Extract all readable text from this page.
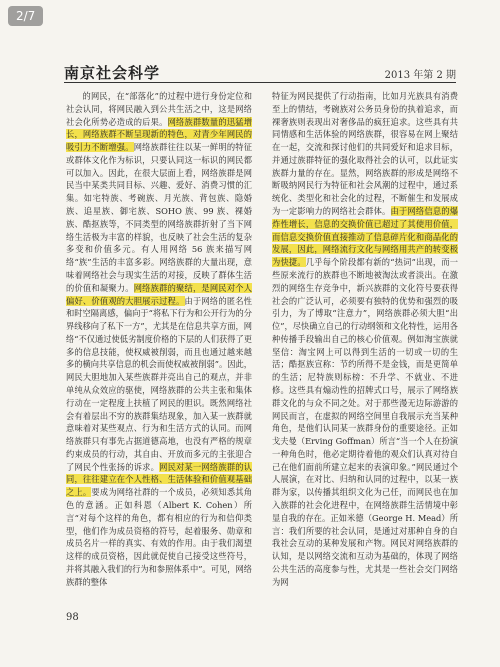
2/7
南京社会科学	2013 年第 2 期

的网民，在“部落化”的过程中进行身份定位和社会认同，将网民融入到公共生活之中，这是网络社会化所势必造成的后果。网络族群数量的迅猛增长，网络族群不断呈现新的特色，对青少年网民的吸引力不断增强。网络族群往往以某一鲜明的特征或群体文化作为标识，只要认同这一标识的网民都可以加入。因此，在很大层面上看，网络族群是网民当中某类共同目标、兴趣、爱好、消费习惯的汇集。如宅特族、考碗族、月光族、背包族、隐婚族、追星族、御宅族、SOHO 族、99 族、裸婚族、酷抠族等，不同类型的网络族群折射了当下网络生活极为丰富的样貌，也反映了社会生活的复杂多变和价值多元。有人用网络 56 族来描写网络“族”生活的丰富多彩。网络族群的大量出现，意味着网络社会与现实生活的对接，反映了群体生活的价值和凝聚力。网络族群的聚结，是网民对个人偏好、价值观的大胆展示过程。由于网络的匿名性和时空隔离感，偏向于“将私下行为和公开行为的分界线移向了私下一方”，尤其是在信息共享方面，网络“不仅通过使低劣制度价格的下层的人们获得了更多的信息技能，使权威被削弱，而且也通过越来越多的横向共享信息的机会而使权威被削弱”。因此，网民大胆地加入某些族群并亮出自己的观点，并非单纯从众效应的驱使，网络族群的公共主张和集体行动在一定程度上扶植了网民的胆识。既然网络社会有着层出不穷的族群集结现象，加入某一族群就意味着对某些观点、行为和生活方式的认同。而网络族群只有事先占据道德高地，也没有严格的规章约束成员的行动，其自由、开放而多元的主张迎合了网民个性张扬的诉求。网民对某一网络族群的认同，往往建立在个人性格、生活体验和价值观基础之上。要成为网络社群的一个成员，必须知悉其角色的意涵。正如科恩（Albert K. Cohen）所言“对每个这样的角色，都有相应的行为和信仰类型，他们作为成员资格的符号，起着服务、勋章和成员名片一样的真实、有效的作用。由于我们渴望这样的成员资格，因此就促使自己接受这些符号，并将其融入我们的行为和参照体系中”。可见，网络族群的整体

特征为网民提供了行动指南，比如月光族具有消费至上的情结，考碗族对公务员身份的执着追求，而裸奢族则表现出对奢侈品的疯狂追求。这些具有共同情感和生活体验的网络族群，很容易在网上聚结在一起，交流和探讨他们的共同爱好和追求目标，并通过族群特征的强化取得社会的认可，以此证实族群力量的存在。显然，网络族群的形成是网络不断吸纳网民行为特征和社会风潮的过程中，通过系统化、类型化和社会化的过程，不断催生和发展成为一定影响力的网络社会群体。由于网络信息的爆炸性增长，信息的交换价值已超过了其使用价值，而信息交换价值直接推动了信息碎片化和商品化的发展，因此，网络流行文化与网络用共产的转变极为快捷。几乎每个阶段都有新的“热词”出现，而一些原来流行的族群也不断地被淘汰或者淡出。在激烈的网络生存竞争中，新兴族群的文化符号要获得社会的广泛认可，必须要有独特的优势和强烈的吸引力，为了博取“注意力”，网络族群必须大胆“出位”，尽快确立自己的行动纲领和文化特性，运用各种传播手段输出自己的核心价值观。例如淘宝族就坚信：淘宝网上可以得到生活的一切或一切的生活；酷抠族宣称：节约所得不是金钱，而是更简单的生活；尼特族则标榜：不升学、不就业、不进修。这些具有煽动性的招牌式口号，展示了网络族群文化的与众不同之处。对于那些漫无边际游游的网民而言，在虚拟的网络空间里自我展示充当某种角色，是他们认同某一族群身份的重要途径。正如戈夫曼（Erving Goffman）所言“当一个人在扮演一种角色时，他必定期待着他的观众们认真对待自己在他们面前所建立起来的表演印象。”网民通过个人展演，在对比、归纳和认同的过程中，以某一族群为家，以传播其组织文化为己任，而网民也在加入族群的社会化进程中，在网络族群生活情境中彰显自我的存在。正如米德（George H. Mead）所言：我们所要的社会认同，是通过对那种自身的自我社会互动的某种发展和产物。网民对网络族群的认知，是以网络交流和互动为基础的，体现了网络公共生活的高度参与性，尤其是一些社会交门网络为网

98
